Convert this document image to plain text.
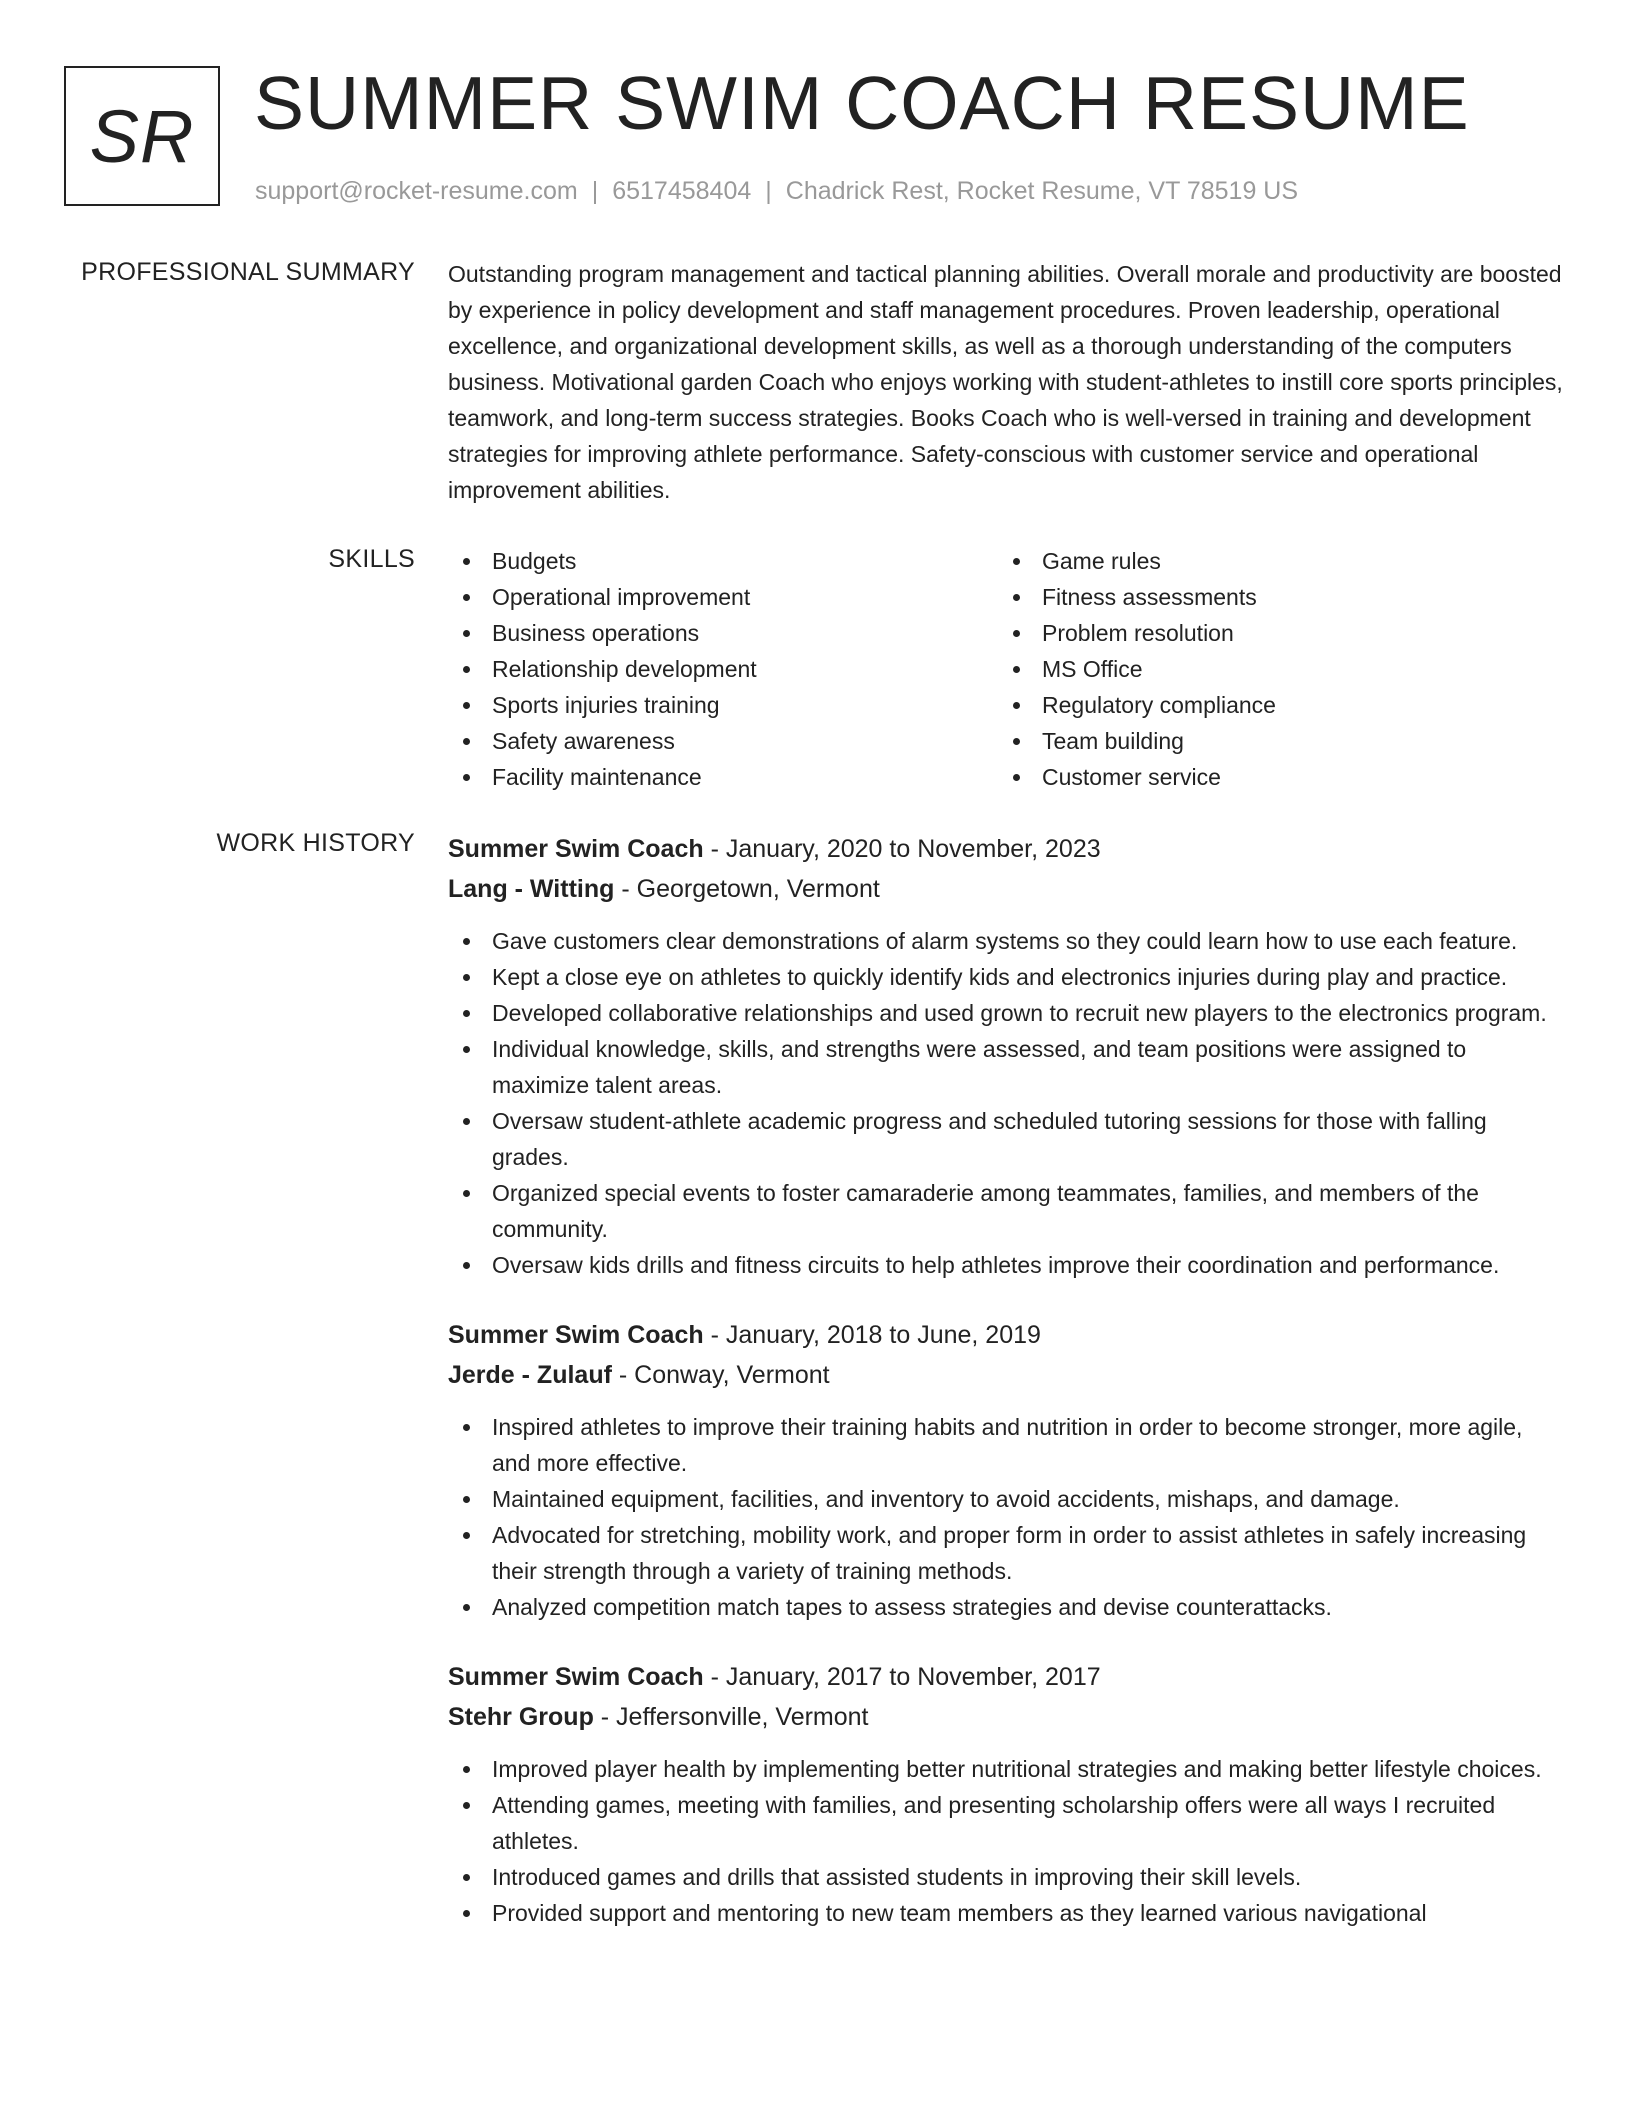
SR SUMMER SWIM COACH RESUME
support@rocket-resume.com | 6517458404 | Chadrick Rest, Rocket Resume, VT 78519 US
PROFESSIONAL SUMMARY Outstanding program management and tactical planning abilities. Overall morale and productivity are boosted by experience in policy development and staff management procedures. Proven leadership, operational excellence, and organizational development skills, as well as a thorough understanding of the computers business. Motivational garden Coach who enjoys working with student-athletes to instill core sports principles, teamwork, and long-term success strategies. Books Coach who is well-versed in training and development strategies for improving athlete performance. Safety-conscious with customer service and operational improvement abilities.

SKILLS	Budgets
Operational improvement
Business operations
Relationship development
Sports injuries training
Safety awareness
Facility maintenance
Game rules
Fitness assessments
Problem resolution
MS Office
Regulatory compliance
Team building
Customer service
WORK HISTORY Summer Swim Coach - January, 2020 to November, 2023
Lang - Witting - Georgetown, Vermont
Gave customers clear demonstrations of alarm systems so they could learn how to use each feature.
Kept a close eye on athletes to quickly identify kids and electronics injuries during play and practice.
Developed collaborative relationships and used grown to recruit new players to the electronics program.
Individual knowledge, skills, and strengths were assessed, and team positions were assigned to maximize talent areas.
Oversaw student-athlete academic progress and scheduled tutoring sessions for those with falling grades.
Organized special events to foster camaraderie among teammates, families, and members of the community.
Oversaw kids drills and fitness circuits to help athletes improve their coordination and performance.
Summer Swim Coach - January, 2018 to June, 2019
Jerde - Zulauf - Conway, Vermont
Inspired athletes to improve their training habits and nutrition in order to become stronger, more agile, and more effective.
Maintained equipment, facilities, and inventory to avoid accidents, mishaps, and damage.
Advocated for stretching, mobility work, and proper form in order to assist athletes in safely increasing their strength through a variety of training methods.
Analyzed competition match tapes to assess strategies and devise counterattacks.
Summer Swim Coach - January, 2017 to November, 2017
Stehr Group - Jeffersonville, Vermont
Improved player health by implementing better nutritional strategies and making better lifestyle choices.
Attending games, meeting with families, and presenting scholarship offers were all ways I recruited athletes.
Introduced games and drills that assisted students in improving their skill levels.
Provided support and mentoring to new team members as they learned various navigational
